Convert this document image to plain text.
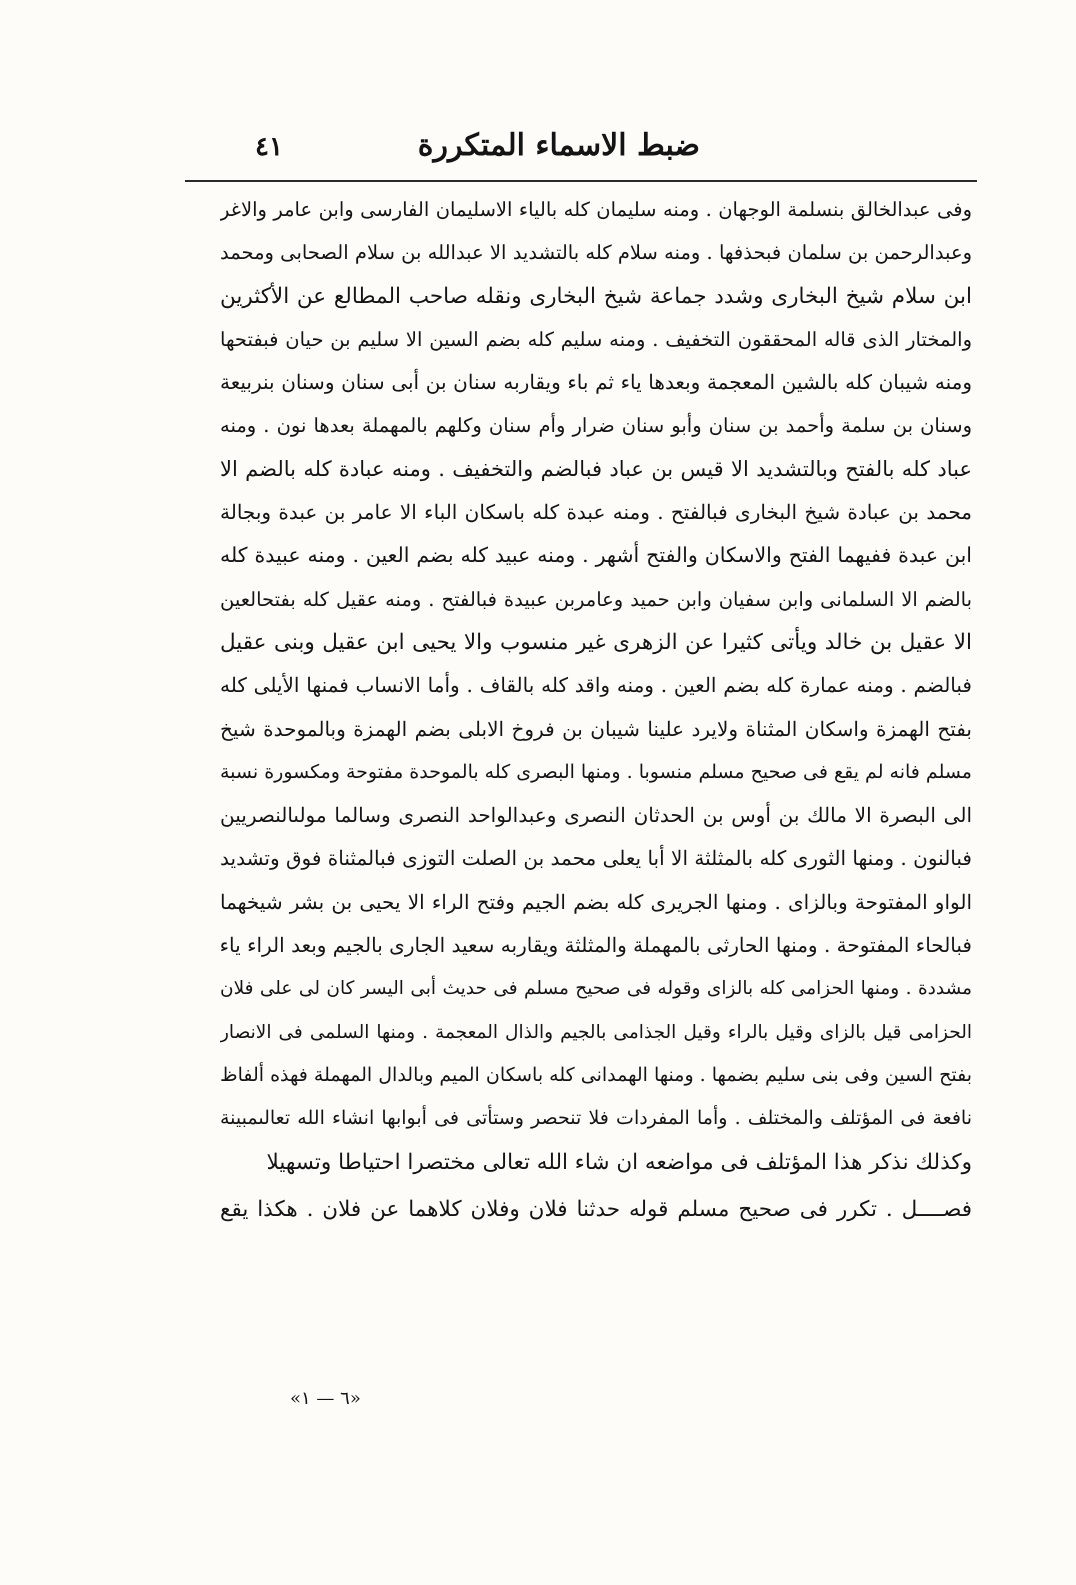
ضبط الاسماء المتكررة
٤١
وفى عبدالخالق بنسلمة الوجهان . ومنه سليمان كله بالياء الاسليمان الفارسى وابن عامر والاغر
وعبدالرحمن بن سلمان فبحذفها . ومنه سلام كله بالتشديد الا عبدالله بن سلام الصحابى ومحمد
ابن سلام شيخ البخارى وشدد جماعة شيخ البخارى ونقله صاحب المطالع عن الأكثرين
والمختار الذى قاله المحققون التخفيف . ومنه سليم كله بضم السين الا سليم بن حيان فبفتحها
ومنه شيبان كله بالشين المعجمة وبعدها ياء ثم باء ويقاربه سنان بن أبى سنان وسنان بنربيعة
وسنان بن سلمة وأحمد بن سنان وأبو سنان ضرار وأم سنان وكلهم بالمهملة بعدها نون . ومنه
عباد كله بالفتح وبالتشديد الا قيس بن عباد فبالضم والتخفيف . ومنه عبادة كله بالضم الا
محمد بن عبادة شيخ البخارى فبالفتح . ومنه عبدة كله باسكان الباء الا عامر بن عبدة وبجالة
ابن عبدة ففيهما الفتح والاسكان والفتح أشهر . ومنه عبيد كله بضم العين . ومنه عبيدة كله
بالضم الا السلمانى وابن سفيان وابن حميد وعامربن عبيدة فبالفتح . ومنه عقيل كله بفتحالعين
الا عقيل بن خالد ويأتى كثيرا عن الزهرى غير منسوب والا يحيى ابن عقيل وبنى عقيل
فبالضم . ومنه عمارة كله بضم العين . ومنه واقد كله بالقاف . وأما الانساب فمنها الأيلى كله
بفتح الهمزة واسكان المثناة ولايرد علينا شيبان بن فروخ الابلى بضم الهمزة وبالموحدة شيخ
مسلم فانه لم يقع فى صحيح مسلم منسوبا . ومنها البصرى كله بالموحدة مفتوحة ومكسورة نسبة
الى البصرة الا مالك بن أوس بن الحدثان النصرى وعبدالواحد النصرى وسالما مولىالنصريين
فبالنون . ومنها الثورى كله بالمثلثة الا أبا يعلى محمد بن الصلت التوزى فبالمثناة فوق وتشديد
الواو المفتوحة وبالزاى . ومنها الجريرى كله بضم الجيم وفتح الراء الا يحيى بن بشر شيخهما
فبالحاء المفتوحة . ومنها الحارثى بالمهملة والمثلثة ويقاربه سعيد الجارى بالجيم وبعد الراء ياء
مشددة . ومنها الحزامى كله بالزاى وقوله فى صحيح مسلم فى حديث أبى اليسر كان لى على فلان
الحزامى قيل بالزاى وقيل بالراء وقيل الجذامى بالجيم والذال المعجمة . ومنها السلمى فى الانصار
بفتح السين وفى بنى سليم بضمها . ومنها الهمدانى كله باسكان الميم وبالدال المهملة فهذه ألفاظ
نافعة فى المؤتلف والمختلف . وأما المفردات فلا تنحصر وستأتى فى أبوابها انشاء الله تعالىمبينة
وكذلك نذكر هذا المؤتلف فى مواضعه ان شاء الله تعالى مختصرا احتياطا وتسهيلا
فصــــل . تكرر فى صحيح مسلم قوله حدثنا فلان وفلان كلاهما عن فلان . هكذا يقع
«٦ — ١»
